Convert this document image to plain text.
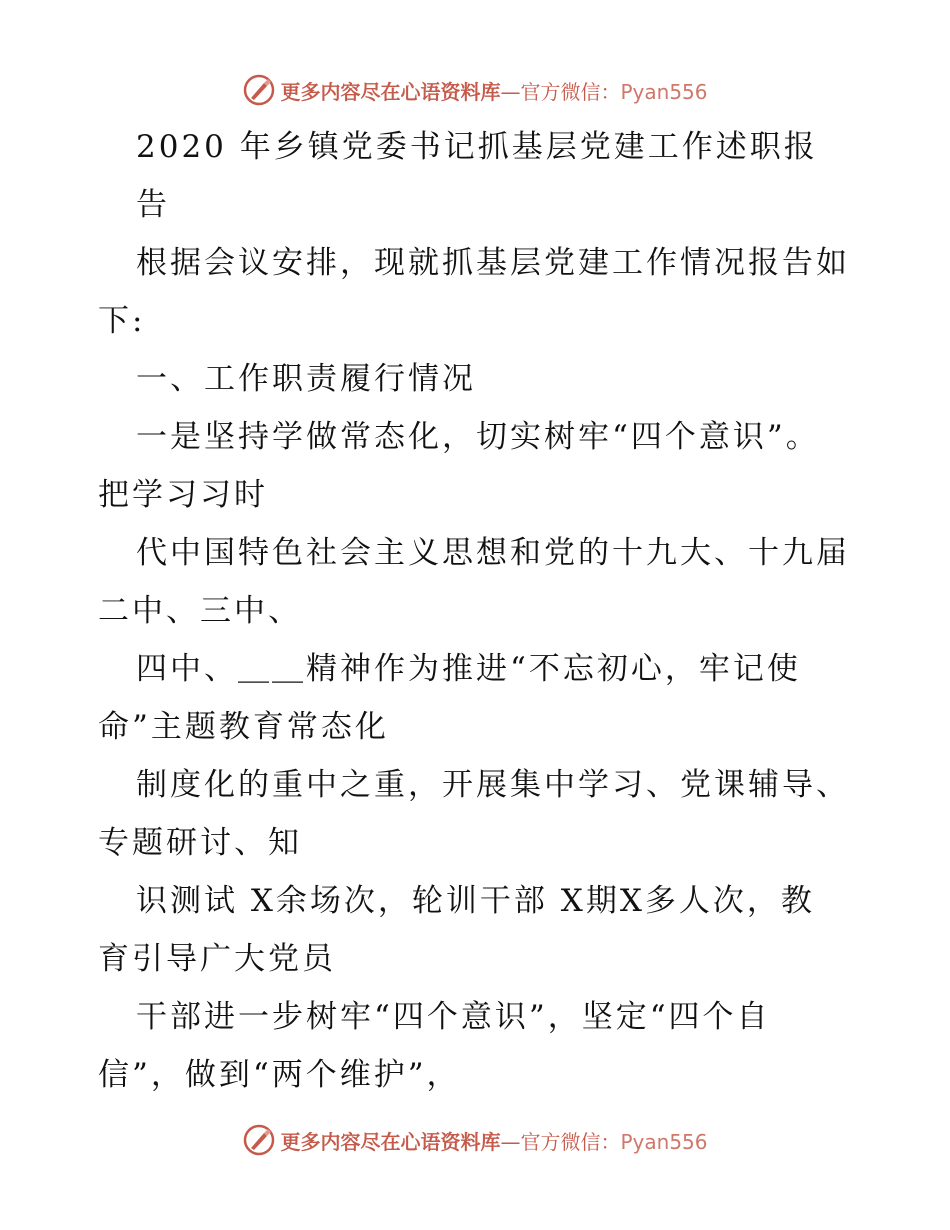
更多内容尽在心语资料库—官方微信：Pyan556
2020 年乡镇党委书记抓基层党建工作述职报
告
根据会议安排，现就抓基层党建工作情况报告如
下:
一、工作职责履行情况
一是坚持学做常态化，切实树牢“四个意识”。
把学习习时
代中国特色社会主义思想和党的十九大、十九届
二中、三中、
四中、＿＿精神作为推进“不忘初心，牢记使
命”主题教育常态化
制度化的重中之重，开展集中学习、党课辅导、
专题研讨、知
识测试 X余场次，轮训干部 X期X多人次，教
育引导广大党员
干部进一步树牢“四个意识”，坚定“四个自
信”，做到“两个维护”，
更多内容尽在心语资料库—官方微信：Pyan556
